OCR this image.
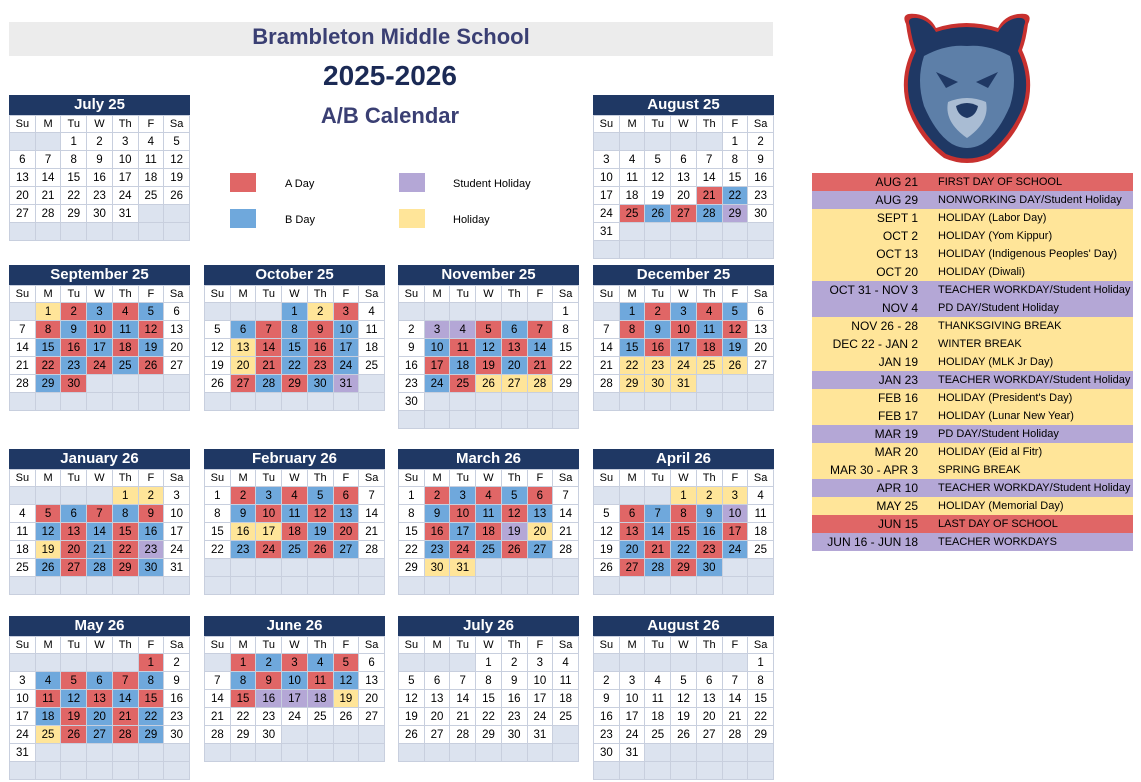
Brambleton Middle School
2025-2026
A/B Calendar
A Day
B Day
Student Holiday
Holiday
July 25
Su	M	Tu	W	Th	F	Sa
		1	2	3	4	5
6	7	8	9	10	11	12
13	14	15	16	17	18	19
20	21	22	23	24	25	26
27	28	29	30	31		

August 25
Su	M	Tu	W	Th	F	Sa
					1	2
3	4	5	6	7	8	9
10	11	12	13	14	15	16
17	18	19	20	21	22	23
24	25	26	27	28	29	30
31						

September 25
Su	M	Tu	W	Th	F	Sa
	1	2	3	4	5	6
7	8	9	10	11	12	13
14	15	16	17	18	19	20
21	22	23	24	25	26	27
28	29	30				

October 25
Su	M	Tu	W	Th	F	Sa
			1	2	3	4
5	6	7	8	9	10	11
12	13	14	15	16	17	18
19	20	21	22	23	24	25
26	27	28	29	30	31	

November 25
Su	M	Tu	W	Th	F	Sa
						1
2	3	4	5	6	7	8
9	10	11	12	13	14	15
16	17	18	19	20	21	22
23	24	25	26	27	28	29
30						

December 25
Su	M	Tu	W	Th	F	Sa
	1	2	3	4	5	6
7	8	9	10	11	12	13
14	15	16	17	18	19	20
21	22	23	24	25	26	27
28	29	30	31			

January 26
Su	M	Tu	W	Th	F	Sa
				1	2	3
4	5	6	7	8	9	10
11	12	13	14	15	16	17
18	19	20	21	22	23	24
25	26	27	28	29	30	31

February 26
Su	M	Tu	W	Th	F	Sa
1	2	3	4	5	6	7
8	9	10	11	12	13	14
15	16	17	18	19	20	21
22	23	24	25	26	27	28

March 26
Su	M	Tu	W	Th	F	Sa
1	2	3	4	5	6	7
8	9	10	11	12	13	14
15	16	17	18	19	20	21
22	23	24	25	26	27	28
29	30	31				

April 26
Su	M	Tu	W	Th	F	Sa
			1	2	3	4
5	6	7	8	9	10	11
12	13	14	15	16	17	18
19	20	21	22	23	24	25
26	27	28	29	30		

May 26
Su	M	Tu	W	Th	F	Sa
					1	2
3	4	5	6	7	8	9
10	11	12	13	14	15	16
17	18	19	20	21	22	23
24	25	26	27	28	29	30
31						

June 26
Su	M	Tu	W	Th	F	Sa
	1	2	3	4	5	6
7	8	9	10	11	12	13
14	15	16	17	18	19	20
21	22	23	24	25	26	27
28	29	30				

July 26
Su	M	Tu	W	Th	F	Sa
			1	2	3	4
5	6	7	8	9	10	11
12	13	14	15	16	17	18
19	20	21	22	23	24	25
26	27	28	29	30	31	

August 26
Su	M	Tu	W	Th	F	Sa
						1
2	3	4	5	6	7	8
9	10	11	12	13	14	15
16	17	18	19	20	21	22
23	24	25	26	27	28	29
30	31					

AUG 21	FIRST DAY OF SCHOOL
AUG 29	NONWORKING DAY/Student Holiday
SEPT 1	HOLIDAY (Labor Day)
OCT 2	HOLIDAY (Yom Kippur)
OCT 13	HOLIDAY (Indigenous Peoples' Day)
OCT 20	HOLIDAY (Diwali)
OCT 31 - NOV 3	TEACHER WORKDAY/Student Holiday
NOV 4	PD DAY/Student Holiday
NOV 26 - 28	THANKSGIVING BREAK
DEC 22 - JAN 2	WINTER BREAK
JAN 19	HOLIDAY (MLK Jr Day)
JAN 23	TEACHER WORKDAY/Student Holiday
FEB 16	HOLIDAY (President's Day)
FEB 17	HOLIDAY (Lunar New Year)
MAR 19	PD DAY/Student Holiday
MAR 20	HOLIDAY (Eid al Fitr)
MAR 30 - APR 3	SPRING BREAK
APR 10	TEACHER WORKDAY/Student Holiday
MAY 25	HOLIDAY (Memorial Day)
JUN 15	LAST DAY OF SCHOOL
JUN 16 - JUN 18	TEACHER WORKDAYS
